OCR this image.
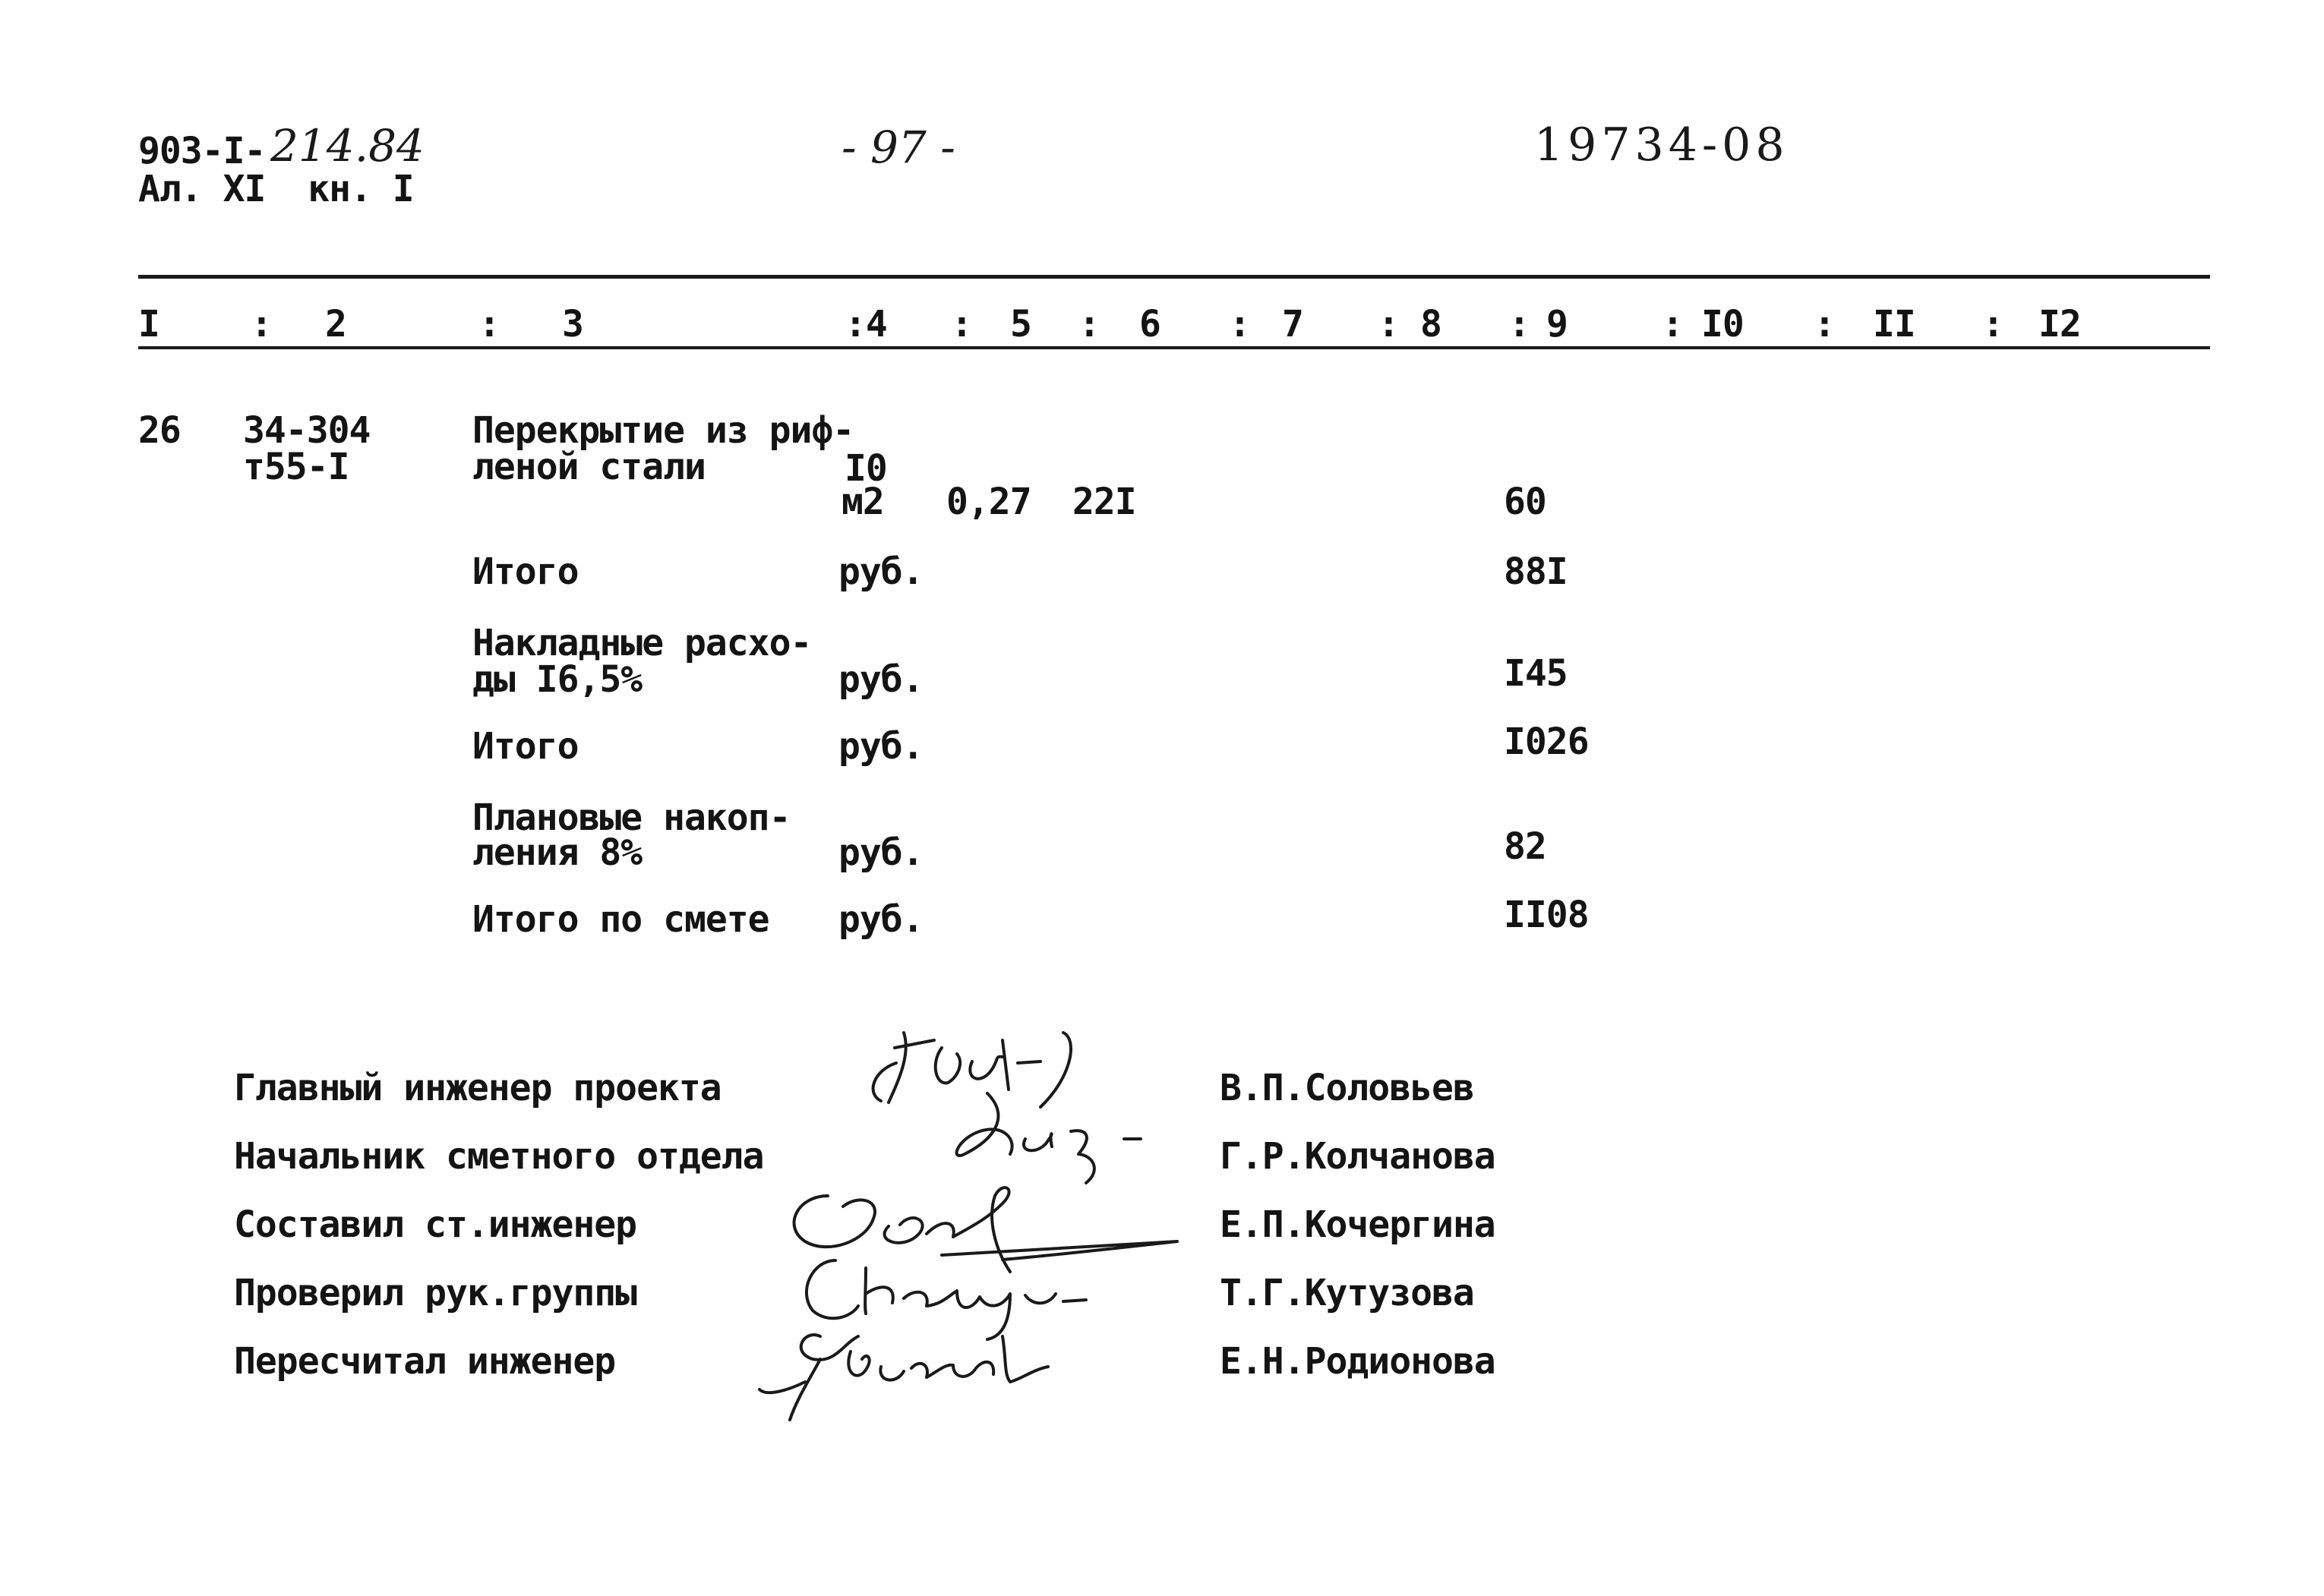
903-I- 214.84
Ал. XI  кн. I
- 97 -	19734-08
I	: 2	: 3	:4 : 5 : 6 : 7 : 8 : 9	: I0 : II : I2
26 34-304
т55-I
Перекрытие из риф-
леной стали	I0
м2 0,27 22I	60
Итого	руб.	88I
Накладные расхо-
ды I6,5%	руб.	I45
Итого	руб.	I026
Плановые накоп-
ления 8%	руб.	82
Итого по смете руб.	II08
Главный инженер проекта	В.П.Соловьев
Начальник сметного отдела	Г.Р.Колчанова
Составил ст.инженер	Е.П.Кочергина
Проверил рук.группы	Т.Г.Кутузова
Пересчитал инженер	Е.Н.Родионова
